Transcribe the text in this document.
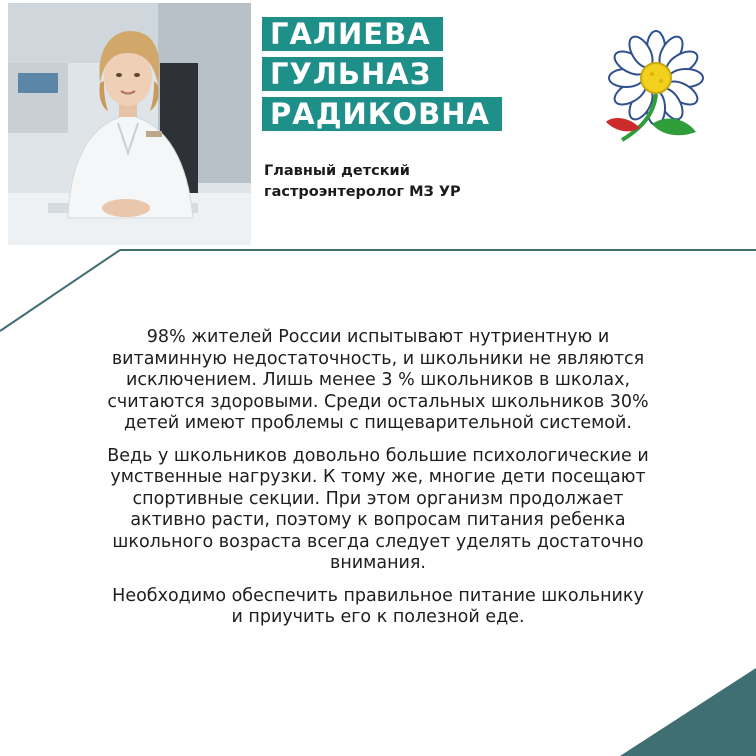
ГАЛИЕВА
ГУЛЬНАЗ
РАДИКОВНА
Главный детский
гастроэнтеролог МЗ УР

98% жителей России испытывают нутриентную и
витаминную недостаточность, и школьники не являются
исключением. Лишь менее 3 % школьников в школах,
считаются здоровыми. Среди остальных школьников 30%
детей имеют проблемы с пищеварительной системой.

Ведь у школьников довольно большие психологические и
умственные нагрузки. К тому же, многие дети посещают
спортивные секции. При этом организм продолжает
активно расти, поэтому к вопросам питания ребенка
школьного возраста всегда следует уделять достаточно
внимания.

Необходимо обеспечить правильное питание школьнику
и приучить его к полезной еде.
